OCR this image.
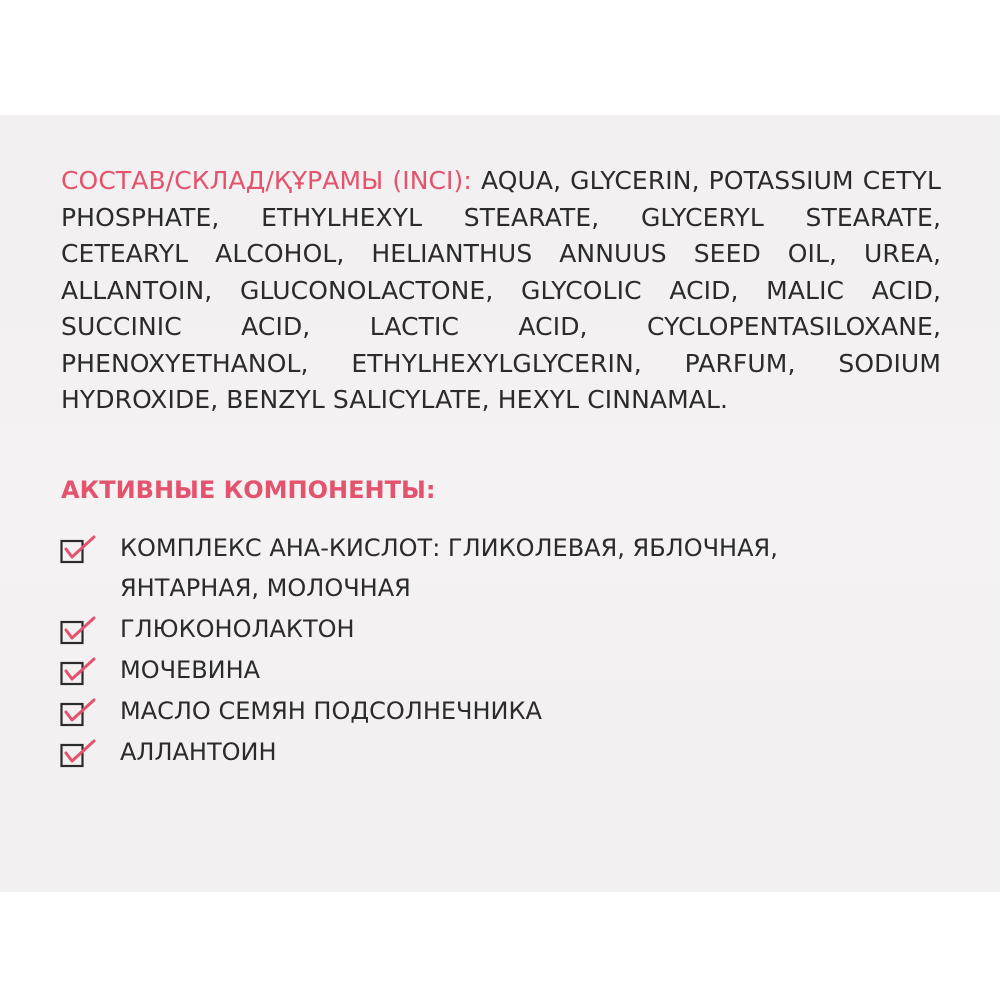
СОСТАВ/СКЛАД/ҚҰРАМЫ (INCI): AQUA, GLYCERIN, POTASSIUM CETYL PHOSPHATE, ETHYLHEXYL STEARATE, GLYCERYL STEARATE, CETEARYL ALCOHOL, HELIANTHUS ANNUUS SEED OIL, UREA, ALLANTOIN, GLUCONOLACTONE, GLYCOLIC ACID, MALIC ACID, SUCCINIC ACID, LACTIC ACID, CYCLOPENTASILOXANE, PHENOXYETHANOL, ETHYLHEXYLGLYCERIN, PARFUM, SODIUM HYDROXIDE, BENZYL SALICYLATE, HEXYL CINNAMAL.

АКТИВНЫЕ КОМПОНЕНТЫ:
КОМПЛЕКС АНА-КИСЛОТ: ГЛИКОЛЕВАЯ, ЯБЛОЧНАЯ, ЯНТАРНАЯ, МОЛОЧНАЯ
ГЛЮКОНОЛАКТОН
МОЧЕВИНА
МАСЛО СЕМЯН ПОДСОЛНЕЧНИКА
АЛЛАНТОИН
